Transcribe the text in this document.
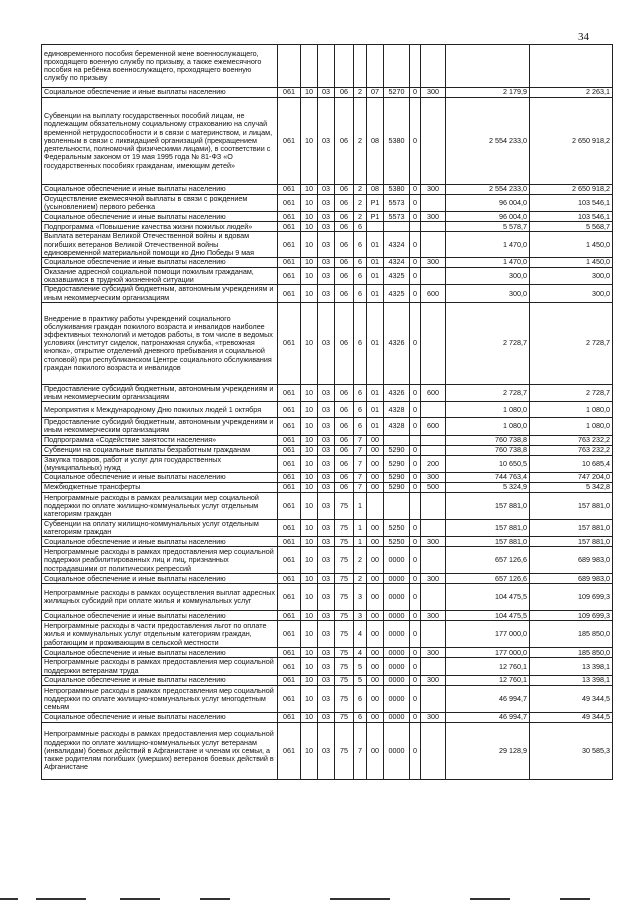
34
единовременного пособия беременной жене военнослужащего, проходящего военную службу по призыву, а также ежемесячного пособия на ребёнка военнослужащего, проходящего военную службу по призыву											
Социальное обеспечение и иные выплаты населению	061	10	03	06	2	07	5270	0	300	2 179,9	2 263,1
Субвенции на выплату государственных пособий лицам, не подлежащим обязательному социальному страхованию на случай временной нетрудоспособности и в связи с материнством, и лицам, уволенным в связи с ликвидацией организаций (прекращением деятельности, полномочий физическими лицами), в соответствии с Федеральным законом от 19 мая 1995 года № 81-ФЗ «О государственных пособиях гражданам, имеющим детей»	061	10	03	06	2	08	5380	0		2 554 233,0	2 650 918,2
Социальное обеспечение и иные выплаты населению	061	10	03	06	2	08	5380	0	300	2 554 233,0	2 650 918,2
Осуществление ежемесячной выплаты в связи с рождением (усыновлением) первого ребенка	061	10	03	06	2	Р1	5573	0		96 004,0	103 546,1
Социальное обеспечение и иные выплаты населению	061	10	03	06	2	Р1	5573	0	300	96 004,0	103 546,1
Подпрограмма «Повышение качества жизни пожилых людей»	061	10	03	06	6					5 578,7	5 568,7
Выплата ветеранам Великой Отечественной войны и вдовам погибших ветеранов Великой Отечественной войны единовременной материальной помощи ко Дню Победы 9 мая	061	10	03	06	6	01	4324	0		1 470,0	1 450,0
Социальное обеспечение и иные выплаты населению	061	10	03	06	6	01	4324	0	300	1 470,0	1 450,0
Оказание адресной социальной помощи пожилым гражданам, оказавшимся в трудной жизненной ситуации	061	10	03	06	6	01	4325	0		300,0	300,0
Предоставление субсидий бюджетным, автономным учреждениям и иным некоммерческим организациям	061	10	03	06	6	01	4325	0	600	300,0	300,0
Внедрение в практику работы учреждений социального обслуживания граждан пожилого возраста и инвалидов наиболее эффективных технологий и методов работы, в том числе в ведомых условиях (институт сиделок, патронажная служба, «тревожная кнопка», открытие отделений дневного пребывания и социальной столовой) при республиканском Центре социального обслуживания граждан пожилого возраста и инвалидов	061	10	03	06	6	01	4326	0		2 728,7	2 728,7
Предоставление субсидий бюджетным, автономным учреждениям и иным некоммерческим организациям	061	10	03	06	6	01	4326	0	600	2 728,7	2 728,7
Мероприятия к Международному Дню пожилых людей 1 октября	061	10	03	06	6	01	4328	0		1 080,0	1 080,0
Предоставление субсидий бюджетным, автономным учреждениям и иным некоммерческим организациям	061	10	03	06	6	01	4328	0	600	1 080,0	1 080,0
Подпрограмма «Содействие занятости населения»	061	10	03	06	7	00				760 738,8	763 232,2
Субвенции на социальные выплаты безработным гражданам	061	10	03	06	7	00	5290	0		760 738,8	763 232,2
Закупка товаров, работ и услуг для государственных (муниципальных) нужд	061	10	03	06	7	00	5290	0	200	10 650,5	10 685,4
Социальное обеспечение и иные выплаты населению	061	10	03	06	7	00	5290	0	300	744 763,4	747 204,0
Межбюджетные трансферты	061	10	03	06	7	00	5290	0	500	5 324,9	5 342,8
Непрограммные расходы в рамках реализации мер социальной поддержки по оплате жилищно-коммунальных услуг отдельным категориям граждан	061	10	03	75	1					157 881,0	157 881,0
Субвенции на оплату жилищно-коммунальных услуг отдельным категориям граждан	061	10	03	75	1	00	5250	0		157 881,0	157 881,0
Социальное обеспечение и иные выплаты населению	061	10	03	75	1	00	5250	0	300	157 881,0	157 881,0
Непрограммные расходы в рамках предоставления мер социальной поддержки реабилитированных лиц и лиц, признанных пострадавшими от политических репрессий	061	10	03	75	2	00	0000	0		657 126,6	689 983,0
Социальное обеспечение и иные выплаты населению	061	10	03	75	2	00	0000	0	300	657 126,6	689 983,0
Непрограммные расходы в рамках осуществления выплат адресных жилищных субсидий при оплате жилья и коммунальных услуг	061	10	03	75	3	00	0000	0		104 475,5	109 699,3
Социальное обеспечение и иные выплаты населению	061	10	03	75	3	00	0000	0	300	104 475,5	109 699,3
Непрограммные расходы в части предоставления льгот по оплате жилья и коммунальных услуг отдельным категориям граждан, работающим и проживающим в сельской местности	061	10	03	75	4	00	0000	0		177 000,0	185 850,0
Социальное обеспечение и иные выплаты населению	061	10	03	75	4	00	0000	0	300	177 000,0	185 850,0
Непрограммные расходы в рамках предоставления мер социальной поддержки ветеранам труда	061	10	03	75	5	00	0000	0		12 760,1	13 398,1
Социальное обеспечение и иные выплаты населению	061	10	03	75	5	00	0000	0	300	12 760,1	13 398,1
Непрограммные расходы в рамках предоставления мер социальной поддержки по оплате жилищно-коммунальных услуг многодетным семьям	061	10	03	75	6	00	0000	0		46 994,7	49 344,5
Социальное обеспечение и иные выплаты населению	061	10	03	75	6	00	0000	0	300	46 994,7	49 344,5
Непрограммные расходы в рамках предоставления мер социальной поддержки по оплате жилищно-коммунальных услуг ветеранам (инвалидам) боевых действий в Афганистане и членам их семьи, а также родителям погибших (умерших) ветеранов боевых действий в Афганистане	061	10	03	75	7	00	0000	0		29 128,9	30 585,3
